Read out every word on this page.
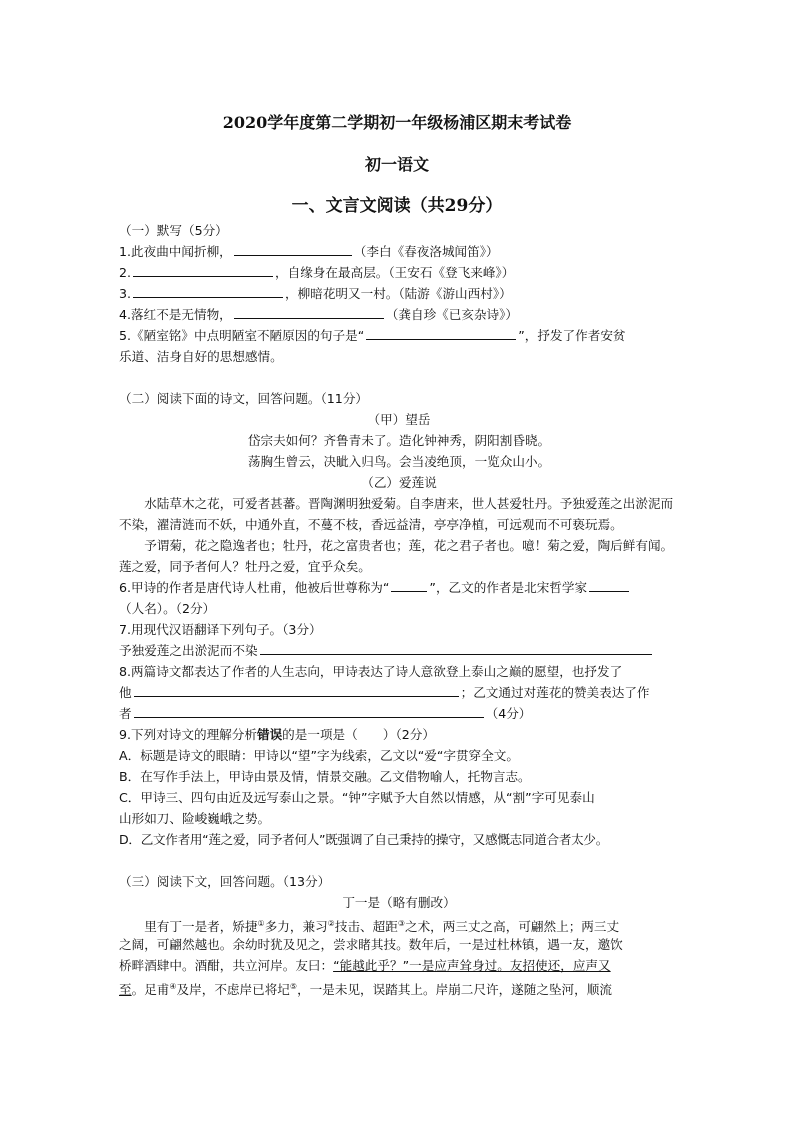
2020学年度第二学期初一年级杨浦区期末考试卷
初一语文
一、文言文阅读（共29分）
（一）默写（5分）
1.此夜曲中闻折柳，	（李白《春夜洛城闻笛》）
2.	，自缘身在最高层。（王安石《登飞来峰》）
3.	，柳暗花明又一村。（陆游《游山西村》）
4.落红不是无情物，	（龚自珍《已亥杂诗》）
5.《陋室铭》中点明陋室不陋原因的句子是“	”，抒发了作者安贫
乐道、洁身自好的思想感情。
（二）阅读下面的诗文，回答问题。（11分）
（甲）望岳
岱宗夫如何？齐鲁青未了。造化钟神秀，阴阳割昏晓。
荡胸生曾云，决眦入归鸟。会当凌绝顶，一览众山小。
（乙）爱莲说
水陆草木之花，可爱者甚蕃。晋陶渊明独爱菊。自李唐来，世人甚爱牡丹。予独爱莲之出淤泥而不染，濯清涟而不妖，中通外直，不蔓不枝，香远益清，亭亭净植，可远观而不可亵玩焉。
予谓菊，花之隐逸者也；牡丹，花之富贵者也；莲，花之君子者也。噫！菊之爱，陶后鲜有闻。莲之爱，同予者何人？牡丹之爱，宜乎众矣。
6.甲诗的作者是唐代诗人杜甫，他被后世尊称为“	”，乙文的作者是北宋哲学家
（人名）。（2分）
7.用现代汉语翻译下列句子。（3分）
予独爱莲之出淤泥而不染
8.两篇诗文都表达了作者的人生志向，甲诗表达了诗人意欲登上泰山之巅的愿望，也抒发了
他	；乙文通过对莲花的赞美表达了作
者	（4分）
9.下列对诗文的理解分析错误的是一项是（　　）（2分）
A．标题是诗文的眼睛：甲诗以“望”字为线索，乙文以“爱“字贯穿全文。
B．在写作手法上，甲诗由景及情，情景交融。乙文借物喻人，托物言志。
C．甲诗三、四句由近及远写泰山之景。“钟”字赋予大自然以情感，从“割”字可见泰山
山形如刀、险峻巍峨之势。
D．乙文作者用“莲之爱，同予者何人”既强调了自己秉持的操守，又感慨志同道合者太少。
（三）阅读下文，回答问题。（13分）
丁一是（略有删改）
里有丁一是者，矫捷①多力，兼习②技击、超距③之术，两三丈之高，可翩然上；两三丈
之阔，可翩然越也。余幼时犹及见之，尝求睹其技。数年后，一是过杜林镇，遇一友，邀饮
桥畔酒肆中。酒酣，共立河岸。友曰：“能越此乎？”一是应声耸身过。友招使还，应声又
至。足甫④及岸，不虑岸已将圮⑤，一是未见，误踏其上。岸崩二尺许，遂随之坠河，顺流
